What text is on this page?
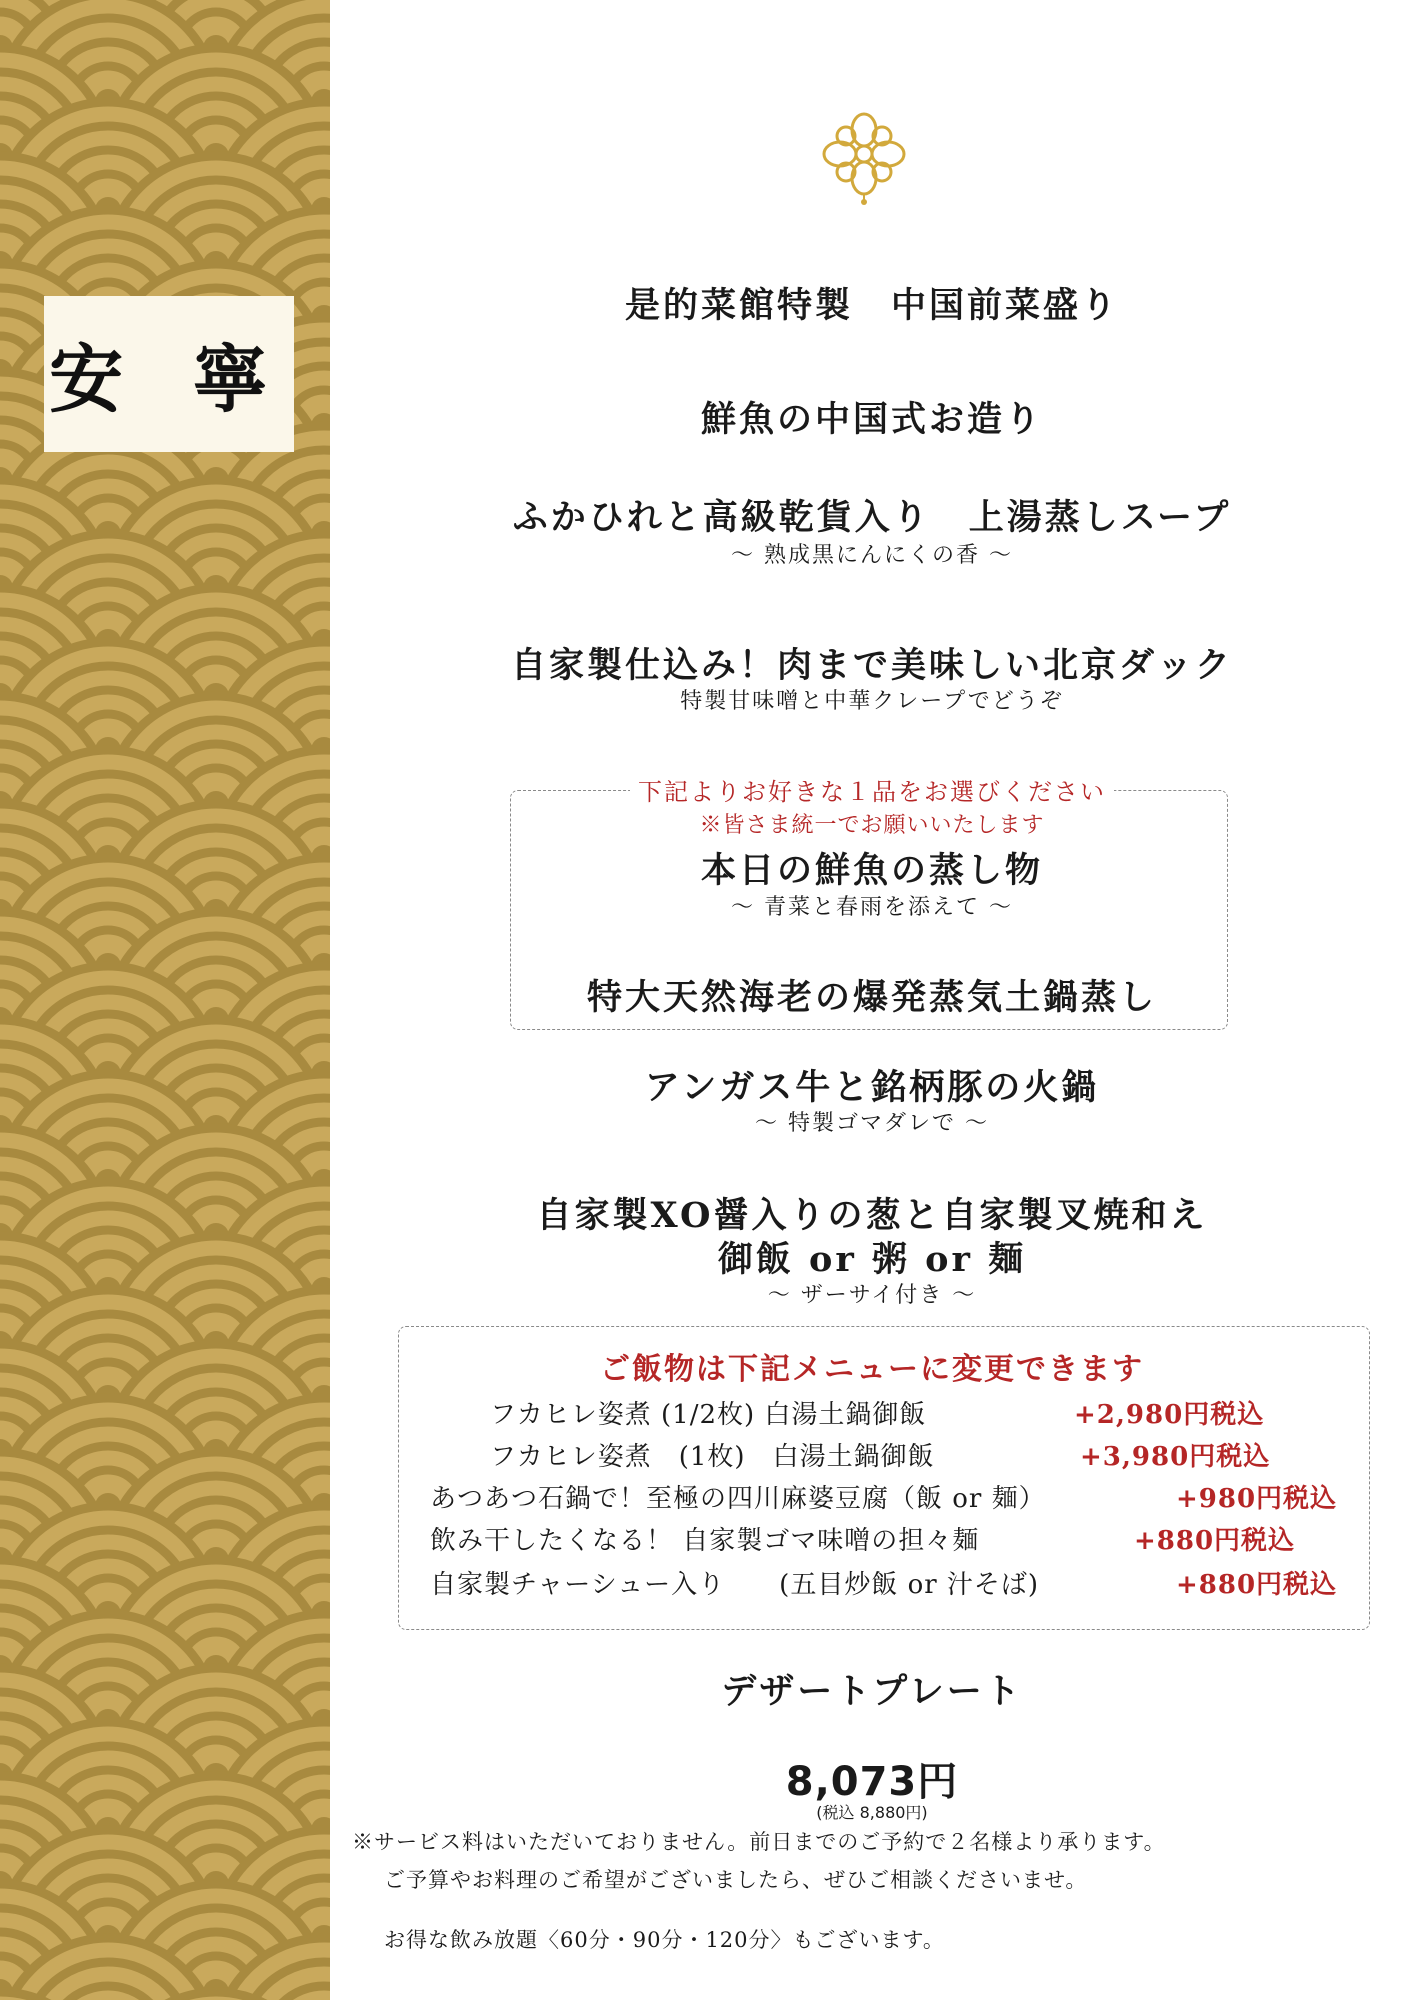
安 寧
是的菜館特製　中国前菜盛り
鮮魚の中国式お造り
ふかひれと高級乾貨入り　上湯蒸しスープ
～ 熟成黒にんにくの香 ～
自家製仕込み！肉まで美味しい北京ダック
特製甘味噌と中華クレープでどうぞ
下記よりお好きな１品をお選びください
※皆さま統一でお願いいたします
本日の鮮魚の蒸し物
～ 青菜と春雨を添えて ～
特大天然海老の爆発蒸気土鍋蒸し
アンガス牛と銘柄豚の火鍋
～ 特製ゴマダレで ～
自家製XO醤入りの葱と自家製叉焼和え
御飯 or 粥 or 麺
～ ザーサイ付き ～
ご飯物は下記メニューに変更できます
フカヒレ姿煮 (1/2枚) 白湯土鍋御飯	+2,980円税込
フカヒレ姿煮　(1枚)　白湯土鍋御飯	+3,980円税込
あつあつ石鍋で！至極の四川麻婆豆腐（飯 or 麺）	+980円税込
飲み干したくなる！ 自家製ゴマ味噌の担々麺	+880円税込
自家製チャーシュー入り　　(五目炒飯 or 汁そば)	+880円税込
デザートプレート
8,073円
(税込 8,880円)
※サービス料はいただいておりません。前日までのご予約で２名様より承ります。
ご予算やお料理のご希望がございましたら、ぜひご相談くださいませ。
お得な飲み放題〈60分・90分・120分〉もございます。
